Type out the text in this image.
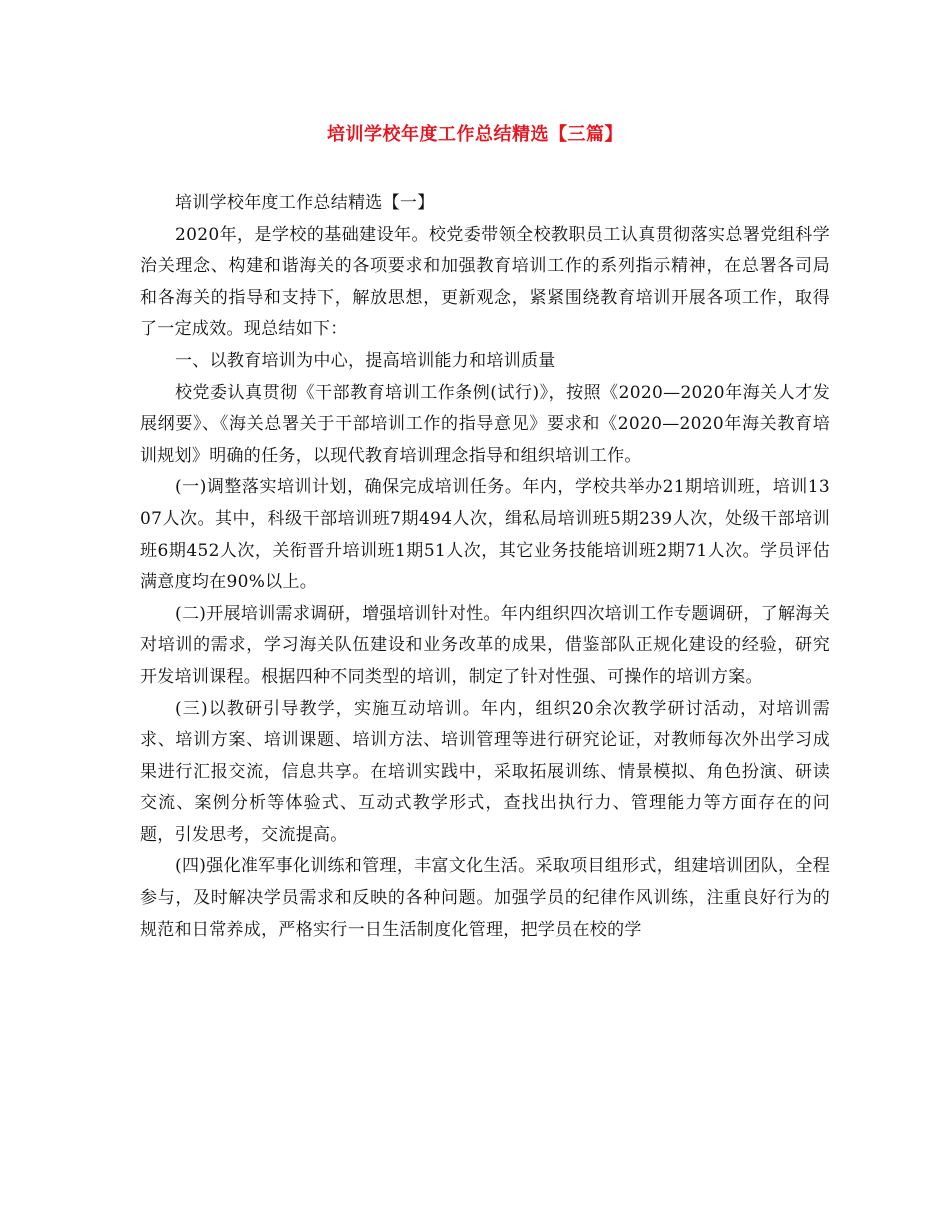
培训学校年度工作总结精选【三篇】

培训学校年度工作总结精选【一】

2020年，是学校的基础建设年。校党委带领全校教职员工认真贯彻落实总署党组科学治关理念、构建和谐海关的各项要求和加强教育培训工作的系列指示精神，在总署各司局和各海关的指导和支持下，解放思想，更新观念，紧紧围绕教育培训开展各项工作，取得了一定成效。现总结如下：

一、以教育培训为中心，提高培训能力和培训质量

校党委认真贯彻《干部教育培训工作条例(试行)》，按照《2020—2020年海关人才发展纲要》、《海关总署关于干部培训工作的指导意见》要求和《2020—2020年海关教育培训规划》明确的任务，以现代教育培训理念指导和组织培训工作。

(一)调整落实培训计划，确保完成培训任务。年内，学校共举办21期培训班，培训1307人次。其中，科级干部培训班7期494人次，缉私局培训班5期239人次，处级干部培训班6期452人次，关衔晋升培训班1期51人次，其它业务技能培训班2期71人次。学员评估满意度均在90%以上。

(二)开展培训需求调研，增强培训针对性。年内组织四次培训工作专题调研，了解海关对培训的需求，学习海关队伍建设和业务改革的成果，借鉴部队正规化建设的经验，研究开发培训课程。根据四种不同类型的培训，制定了针对性强、可操作的培训方案。

(三)以教研引导教学，实施互动培训。年内，组织20余次教学研讨活动，对培训需求、培训方案、培训课题、培训方法、培训管理等进行研究论证，对教师每次外出学习成果进行汇报交流，信息共享。在培训实践中，采取拓展训练、情景模拟、角色扮演、研读交流、案例分析等体验式、互动式教学形式，查找出执行力、管理能力等方面存在的问题，引发思考，交流提高。

(四)强化准军事化训练和管理，丰富文化生活。采取项目组形式，组建培训团队，全程参与，及时解决学员需求和反映的各种问题。加强学员的纪律作风训练，注重良好行为的规范和日常养成，严格实行一日生活制度化管理，把学员在校的学
